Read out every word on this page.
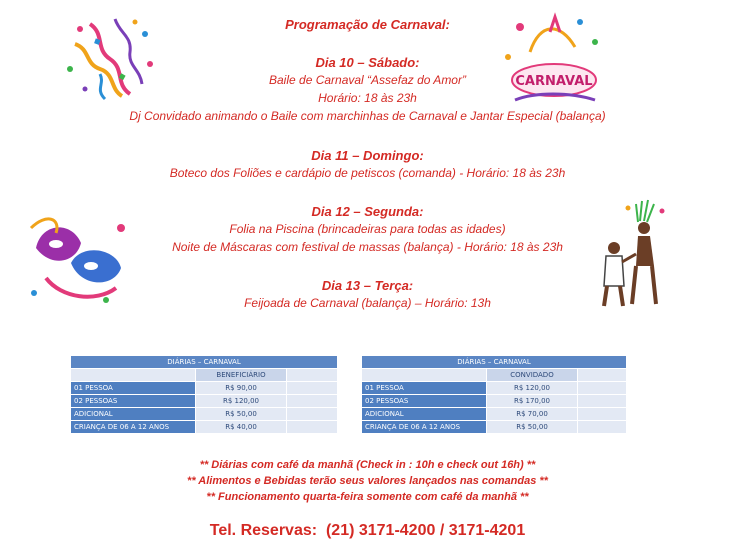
Programação de Carnaval:
Dia 10 – Sábado:
Baile de Carnaval “Assefaz do Amor”
Horário: 18 às 23h
Dj Convidado animando o Baile com marchinhas de Carnaval e Jantar Especial (balança)
Dia 11 – Domingo:
Boteco dos Foliões e cardápio de petiscos (comanda) - Horário: 18 às 23h
Dia 12 – Segunda:
Folia na Piscina (brincadeiras para todas as idades)
Noite de Máscaras com festival de massas (balança) - Horário: 18 às 23h
Dia 13 – Terça:
Feijoada de Carnaval (balança) – Horário: 13h
CARNAVAL
DIÁRIAS – CARNAVAL		
	BENEFICIÁRIO	
01 PESSOA	R$ 90,00	
02 PESSOAS	R$ 120,00	
ADICIONAL	R$ 50,00	
CRIANÇA DE 06 A 12 ANOS	R$ 40,00	
DIÁRIAS – CARNAVAL		
	CONVIDADO	
01 PESSOA	R$ 120,00	
02 PESSOAS	R$ 170,00	
ADICIONAL	R$ 70,00	
CRIANÇA DE 06 A 12 ANOS	R$ 50,00	
** Diárias com café da manhã (Check in : 10h e check out 16h) **
** Alimentos e Bebidas terão seus valores lançados nas comandas **
** Funcionamento quarta-feira somente com café da manhã **
Tel. Reservas:  (21) 3171-4200 / 3171-4201
